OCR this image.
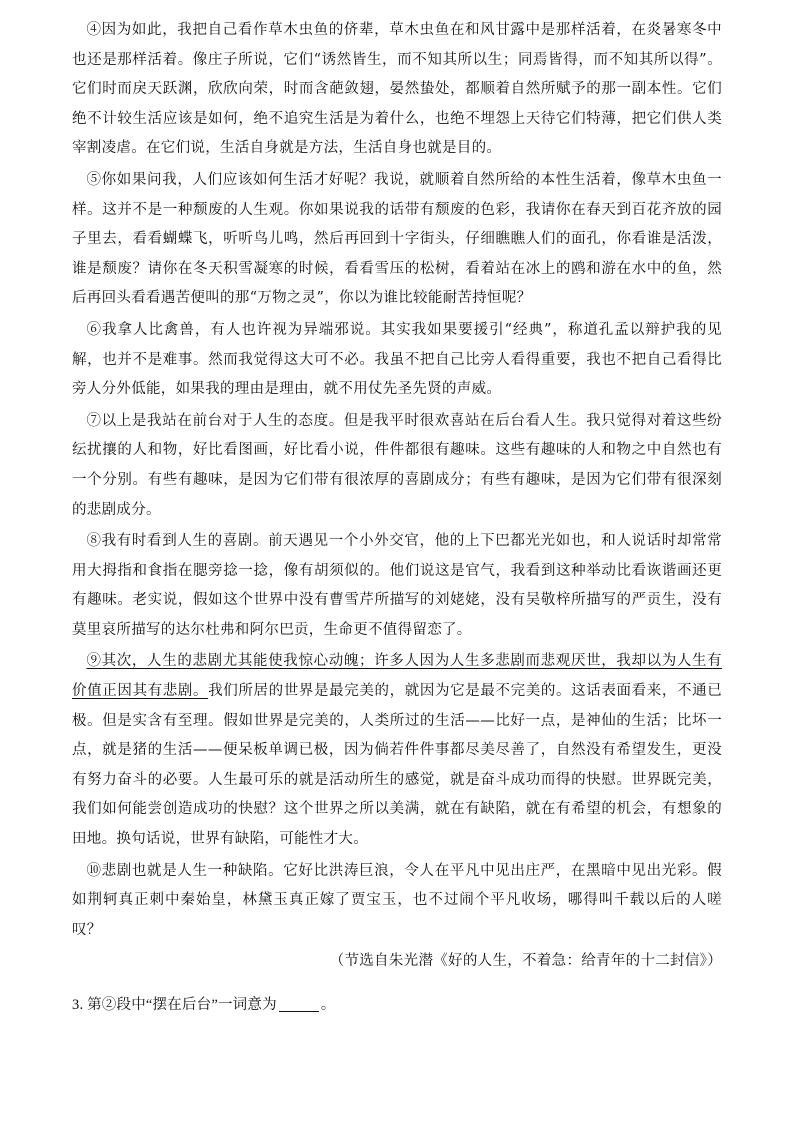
④因为如此，我把自己看作草木虫鱼的侪辈，草木虫鱼在和风甘露中是那样活着，在炎暑寒冬中也还是那样活着。像庄子所说，它们“诱然皆生，而不知其所以生；同焉皆得，而不知其所以得”。它们时而戾天跃渊，欣欣向荣，时而含葩敛翅，晏然蛰处，都顺着自然所赋予的那一副本性。它们绝不计较生活应该是如何，绝不追究生活是为着什么，也绝不埋怨上天待它们特薄，把它们供人类宰割凌虐。在它们说，生活自身就是方法，生活自身也就是目的。

⑤你如果问我，人们应该如何生活才好呢？我说，就顺着自然所给的本性生活着，像草木虫鱼一样。这并不是一种颓废的人生观。你如果说我的话带有颓废的色彩，我请你在春天到百花齐放的园子里去，看看蝴蝶飞，听听鸟儿鸣，然后再回到十字街头，仔细瞧瞧人们的面孔，你看谁是活泼，谁是颓废？请你在冬天积雪凝寒的时候，看看雪压的松树，看着站在冰上的鸥和游在水中的鱼，然后再回头看看遇苦便叫的那“万物之灵”，你以为谁比较能耐苦持恒呢？

⑥我拿人比禽兽，有人也许视为异端邪说。其实我如果要援引“经典”，称道孔孟以辩护我的见解，也并不是难事。然而我觉得这大可不必。我虽不把自己比旁人看得重要，我也不把自己看得比旁人分外低能，如果我的理由是理由，就不用仗先圣先贤的声威。

⑦以上是我站在前台对于人生的态度。但是我平时很欢喜站在后台看人生。我只觉得对着这些纷纭扰攘的人和物，好比看图画，好比看小说，件件都很有趣味。这些有趣味的人和物之中自然也有一个分别。有些有趣味，是因为它们带有很浓厚的喜剧成分；有些有趣味，是因为它们带有很深刻的悲剧成分。

⑧我有时看到人生的喜剧。前天遇见一个小外交官，他的上下巴都光光如也，和人说话时却常常用大拇指和食指在腮旁捻一捻，像有胡须似的。他们说这是官气，我看到这种举动比看诙谐画还更有趣味。老实说，假如这个世界中没有曹雪芹所描写的刘姥姥，没有吴敬梓所描写的严贡生，没有莫里哀所描写的达尔杜弗和阿尔巴贡，生命更不值得留恋了。

⑨其次，人生的悲剧尤其能使我惊心动魄；许多人因为人生多悲剧而悲观厌世，我却以为人生有价值正因其有悲剧。我们所居的世界是最完美的，就因为它是最不完美的。这话表面看来，不通已极。但是实含有至理。假如世界是完美的，人类所过的生活——比好一点，是神仙的生活；比坏一点，就是猪的生活——便呆板单调已极，因为倘若件件事都尽美尽善了，自然没有希望发生，更没有努力奋斗的必要。人生最可乐的就是活动所生的感觉，就是奋斗成功而得的快慰。世界既完美，我们如何能尝创造成功的快慰？这个世界之所以美满，就在有缺陷，就在有希望的机会，有想象的田地。换句话说，世界有缺陷，可能性才大。

⑩悲剧也就是人生一种缺陷。它好比洪涛巨浪，令人在平凡中见出庄严，在黑暗中见出光彩。假如荆轲真正刺中秦始皇，林黛玉真正嫁了贾宝玉，也不过闹个平凡收场，哪得叫千载以后的人嗟叹？

（节选自朱光潜《好的人生，不着急：给青年的十二封信》）

3. 第②段中“摆在后台”一词意为	。
